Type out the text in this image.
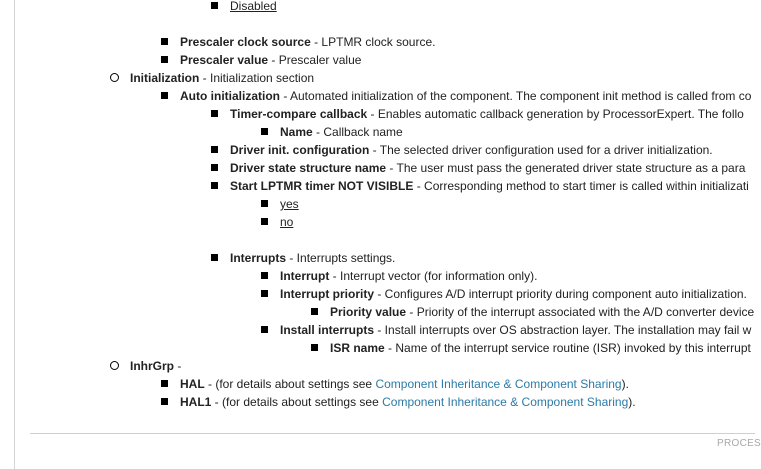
Disabled
Prescaler clock source - LPTMR clock source.
Prescaler value - Prescaler value
Initialization - Initialization section
Auto initialization - Automated initialization of the component. The component init method is called from co
Timer-compare callback - Enables automatic callback generation by ProcessorExpert. The follo
Name - Callback name
Driver init. configuration - The selected driver configuration used for a driver initialization.
Driver state structure name - The user must pass the generated driver state structure as a para
Start LPTMR timer NOT VISIBLE - Corresponding method to start timer is called within initializati
yes
no
Interrupts - Interrupts settings.
Interrupt - Interrupt vector (for information only).
Interrupt priority - Configures A/D interrupt priority during component auto initialization.
Priority value - Priority of the interrupt associated with the A/D converter device
Install interrupts - Install interrupts over OS abstraction layer. The installation may fail w
ISR name - Name of the interrupt service routine (ISR) invoked by this interrupt
InhrGrp -
HAL - (for details about settings see Component Inheritance & Component Sharing).
HAL1 - (for details about settings see Component Inheritance & Component Sharing).
PROCES
